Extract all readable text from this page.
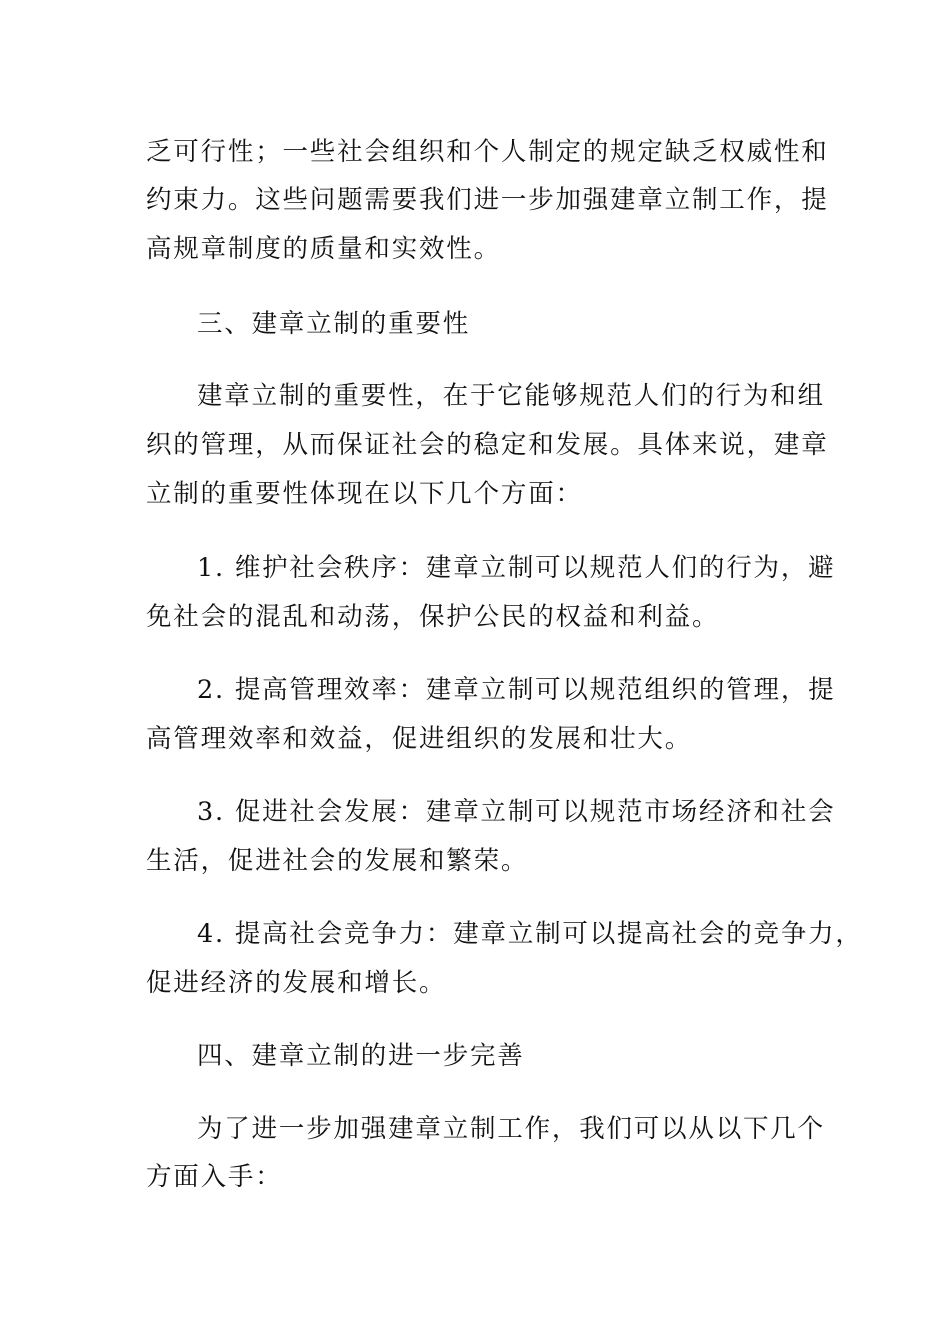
乏可行性；一些社会组织和个人制定的规定缺乏权威性和
约束力。这些问题需要我们进一步加强建章立制工作，提
高规章制度的质量和实效性。
三、建章立制的重要性
建章立制的重要性，在于它能够规范人们的行为和组
织的管理，从而保证社会的稳定和发展。具体来说，建章
立制的重要性体现在以下几个方面：
1. 维护社会秩序：建章立制可以规范人们的行为，避
免社会的混乱和动荡，保护公民的权益和利益。
2. 提高管理效率：建章立制可以规范组织的管理，提
高管理效率和效益，促进组织的发展和壮大。
3. 促进社会发展：建章立制可以规范市场经济和社会
生活，促进社会的发展和繁荣。
4. 提高社会竞争力：建章立制可以提高社会的竞争力，
促进经济的发展和增长。
四、建章立制的进一步完善
为了进一步加强建章立制工作，我们可以从以下几个
方面入手：
